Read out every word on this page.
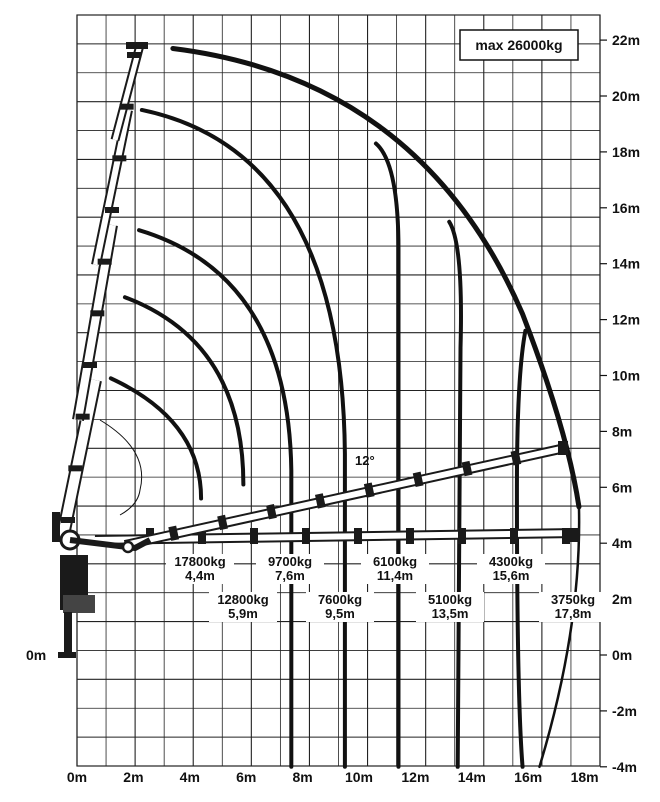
max 26000kg
12°
0m
0m	2m	4m	6m	8m 10m 12m 14m 16m 18m
22m
20m
18m
16m
14m
12m
10m
8m
6m
4m
2m
0m
-2m
-4m
17800kg
4,4m
12800kg
5,9m
9700kg
7,6m
7600kg
9,5m
6100kg
11,4m
5100kg
13,5m
4300kg
15,6m
3750kg
17,8m
